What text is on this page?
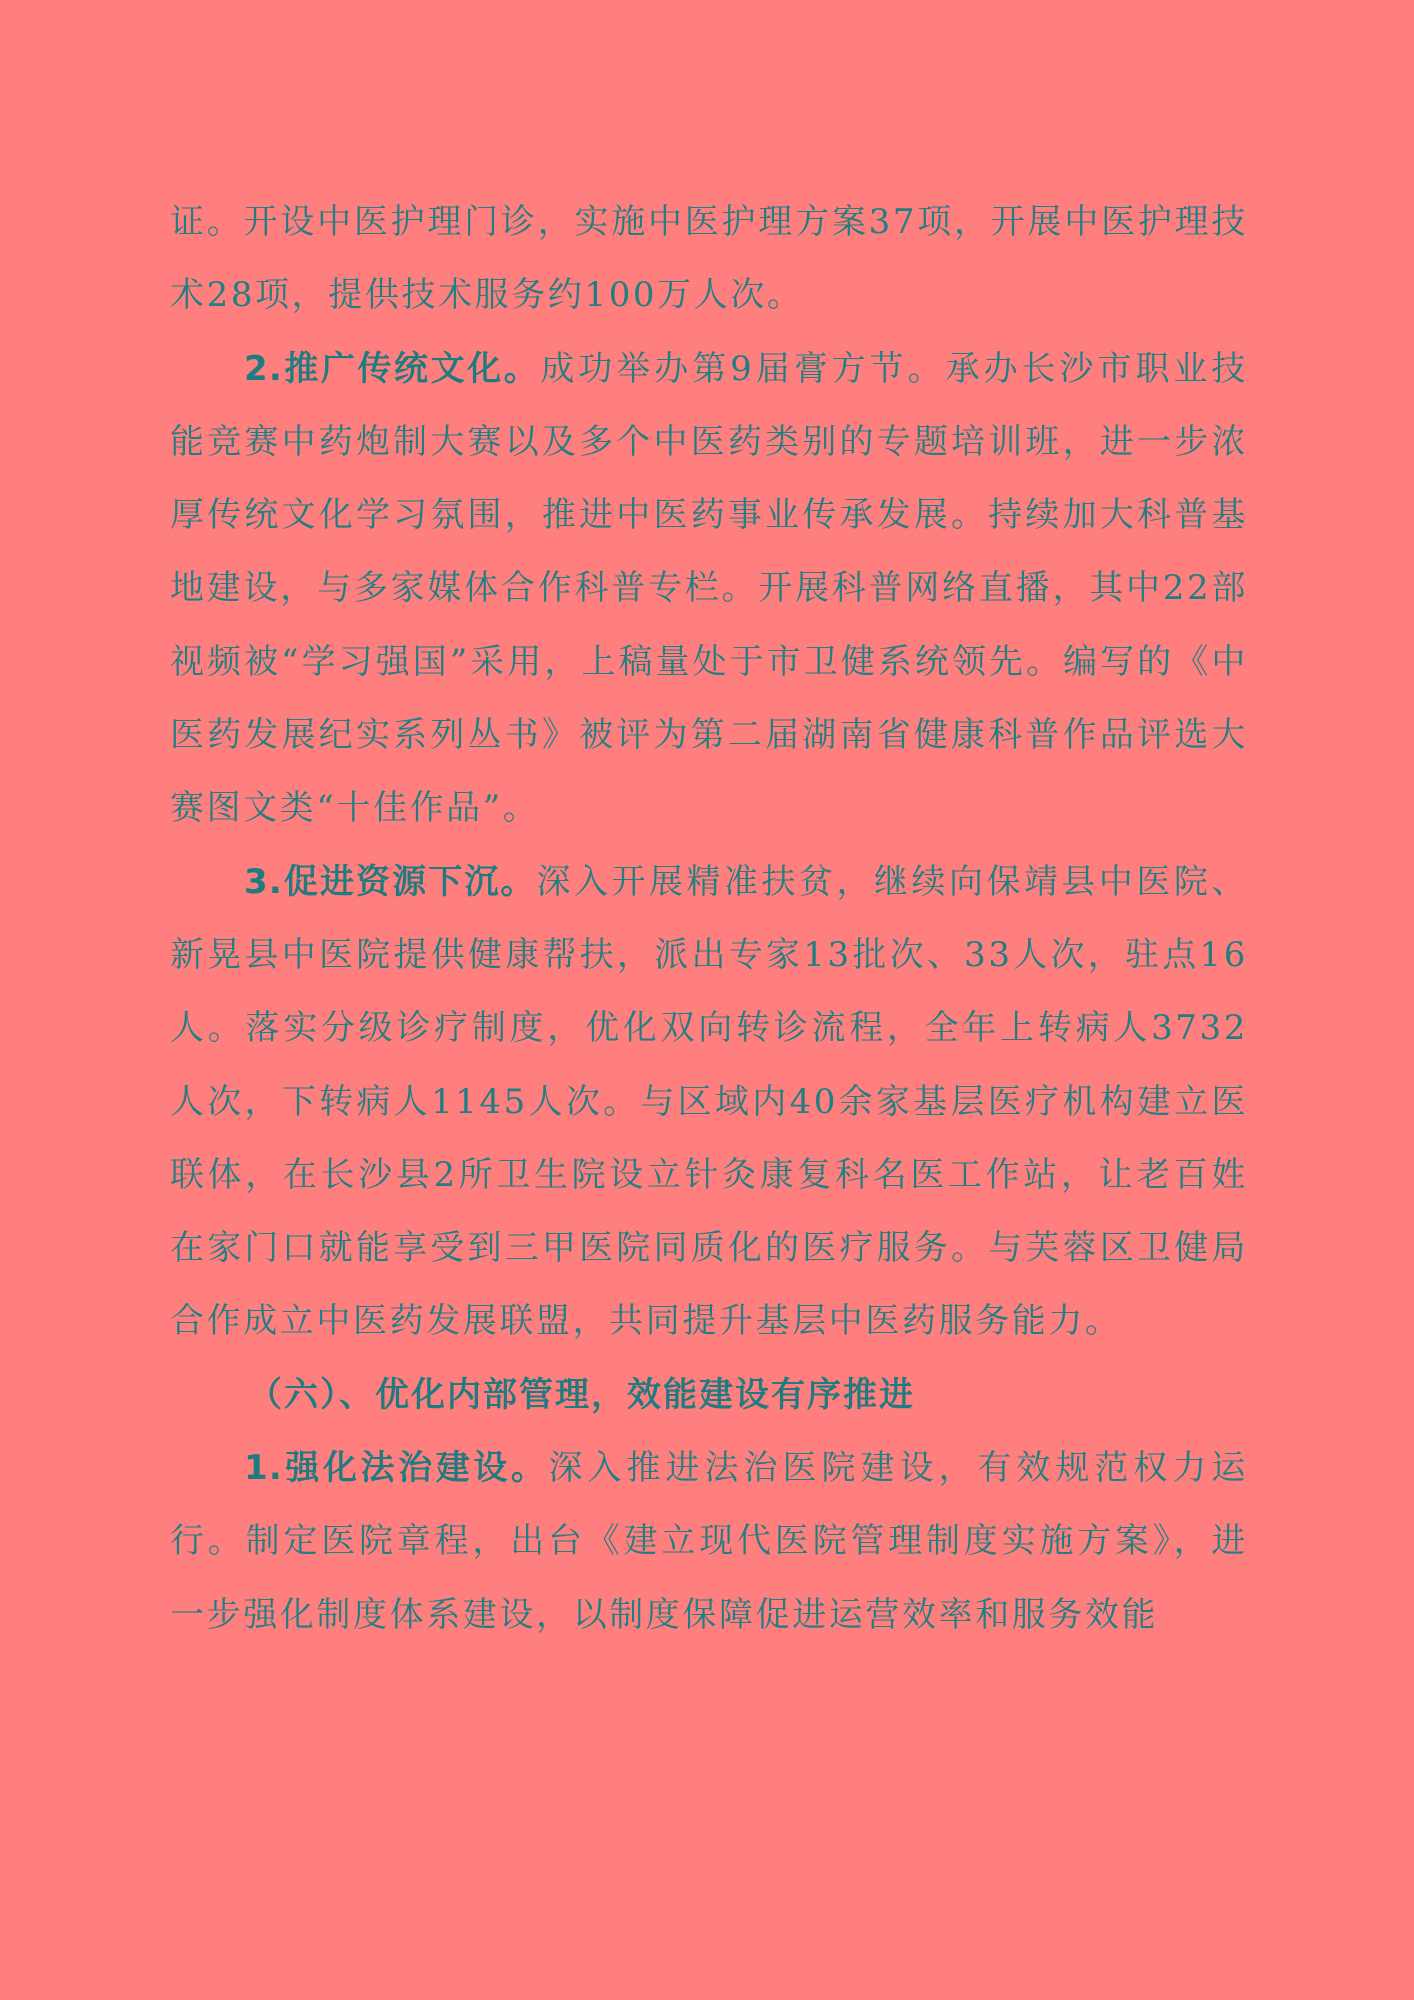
证。开设中医护理门诊，实施中医护理方案37项，开展中医护理技术28项，提供技术服务约100万人次。

2.推广传统文化。成功举办第9届膏方节。承办长沙市职业技能竞赛中药炮制大赛以及多个中医药类别的专题培训班，进一步浓厚传统文化学习氛围，推进中医药事业传承发展。持续加大科普基地建设，与多家媒体合作科普专栏。开展科普网络直播，其中22部视频被“学习强国”采用，上稿量处于市卫健系统领先。编写的《中医药发展纪实系列丛书》被评为第二届湖南省健康科普作品评选大赛图文类“十佳作品”。

3.促进资源下沉。深入开展精准扶贫，继续向保靖县中医院、新晃县中医院提供健康帮扶，派出专家13批次、33人次，驻点16人。落实分级诊疗制度，优化双向转诊流程，全年上转病人3732人次，下转病人1145人次。与区域内40余家基层医疗机构建立医联体，在长沙县2所卫生院设立针灸康复科名医工作站，让老百姓在家门口就能享受到三甲医院同质化的医疗服务。与芙蓉区卫健局合作成立中医药发展联盟，共同提升基层中医药服务能力。

（六）、优化内部管理，效能建设有序推进

1.强化法治建设。深入推进法治医院建设，有效规范权力运行。制定医院章程，出台《建立现代医院管理制度实施方案》，进一步强化制度体系建设，以制度保障促进运营效率和服务效能
